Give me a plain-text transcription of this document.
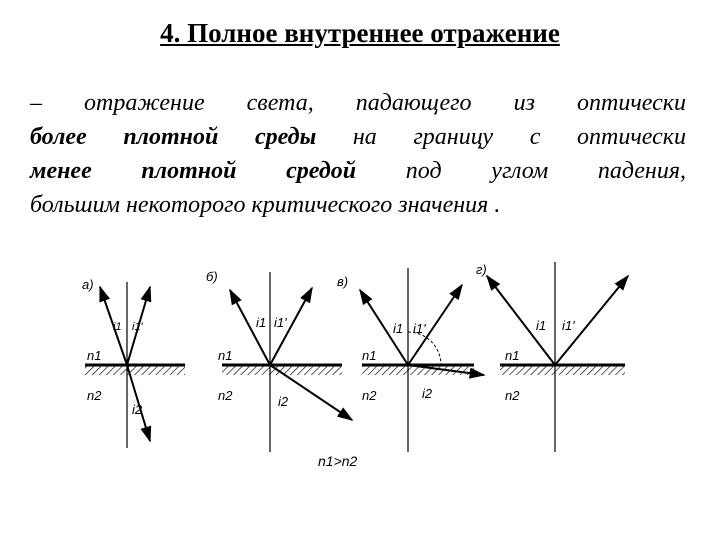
4. Полное внутреннее отражение
– отражение света, падающего из оптически
более плотной среды на границу с оптически
менее плотной средой под углом падения,
большим некоторого критического значения .
а)
i1 i1'
n1
n2
i2
б)
i1 i1'
n1
n2	i2
в)
i1 i1'
n1
n2	i2
г)
i1 i1'
n1
n2
n1>n2
